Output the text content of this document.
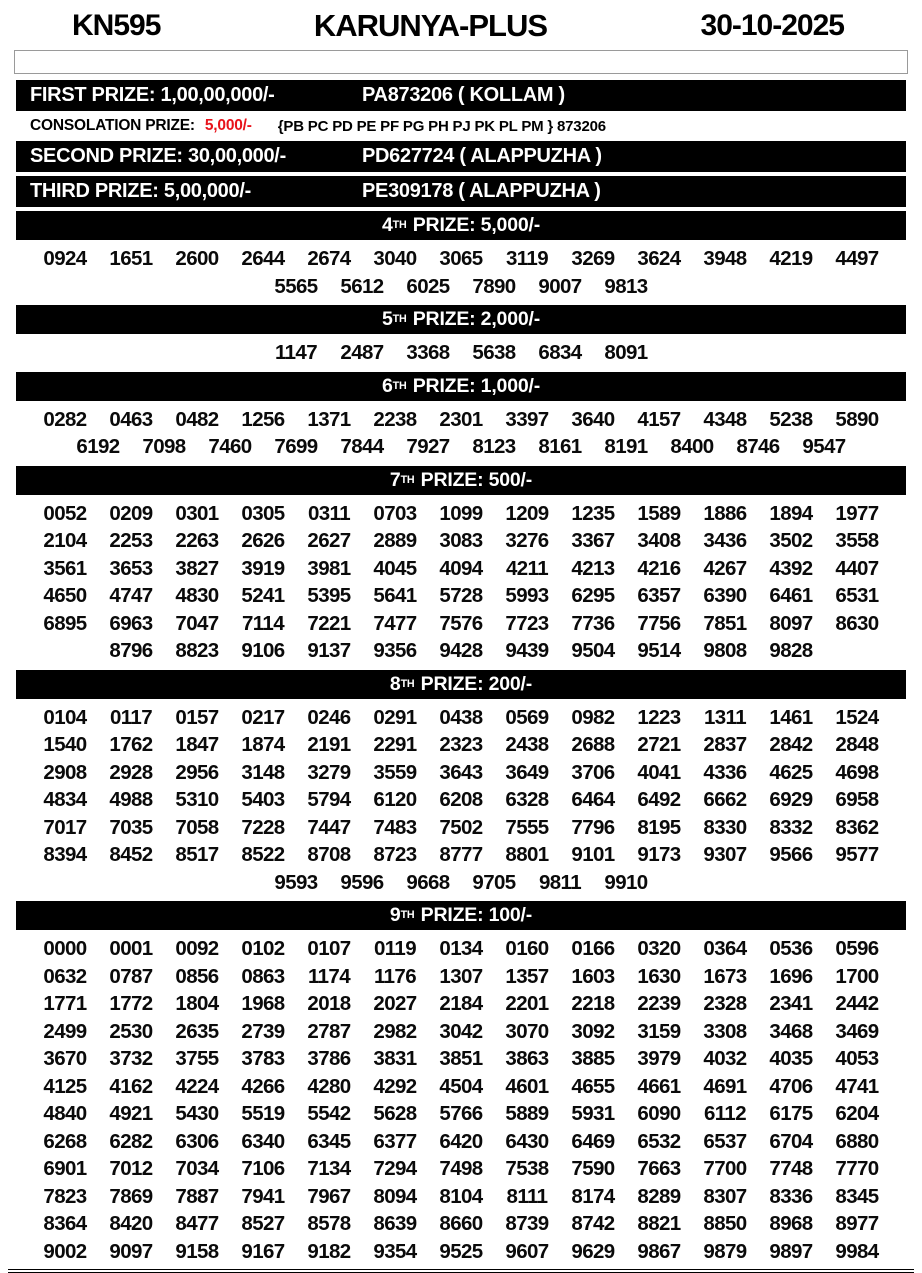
KN595	KARUNYA-PLUS	30-10-2025
FIRST PRIZE: 1,00,00,000/-	PA873206 ( KOLLAM )
CONSOLATION PRIZE: 5,000/- {PB PC PD PE PF PG PH PJ PK PL PM } 873206
SECOND PRIZE: 30,00,000/-	PD627724 ( ALAPPUZHA )
THIRD PRIZE: 5,00,000/-	PE309178 ( ALAPPUZHA )
4 TH PRIZE: 5,000/-
0924	1651	2600	2644	2674	3040	3065	3119	3269	3624	3948	4219	4497
5565	5612	6025	7890	9007	9813
5 TH PRIZE: 2,000/-
1147	2487	3368	5638	6834	8091
6 TH PRIZE: 1,000/-
0282	0463	0482	1256	1371	2238	2301	3397	3640	4157	4348	5238	5890
6192	7098	7460	7699	7844	7927	8123	8161	8191	8400	8746	9547
7 TH PRIZE: 500/-
0052	0209	0301	0305	0311	0703	1099	1209	1235	1589	1886	1894	1977
2104	2253	2263	2626	2627	2889	3083	3276	3367	3408	3436	3502	3558
3561	3653	3827	3919	3981	4045	4094	4211	4213	4216	4267	4392	4407
4650	4747	4830	5241	5395	5641	5728	5993	6295	6357	6390	6461	6531
6895	6963	7047	7114	7221	7477	7576	7723	7736	7756	7851	8097	8630
8796	8823	9106	9137	9356	9428	9439	9504	9514	9808	9828
8 TH PRIZE: 200/-
0104	0117	0157	0217	0246	0291	0438	0569	0982	1223	1311	1461	1524
1540	1762	1847	1874	2191	2291	2323	2438	2688	2721	2837	2842	2848
2908	2928	2956	3148	3279	3559	3643	3649	3706	4041	4336	4625	4698
4834	4988	5310	5403	5794	6120	6208	6328	6464	6492	6662	6929	6958
7017	7035	7058	7228	7447	7483	7502	7555	7796	8195	8330	8332	8362
8394	8452	8517	8522	8708	8723	8777	8801	9101	9173	9307	9566	9577
9593	9596	9668	9705	9811	9910
9 TH PRIZE: 100/-
0000	0001	0092	0102	0107	0119	0134	0160	0166	0320	0364	0536	0596
0632	0787	0856	0863	1174	1176	1307	1357	1603	1630	1673	1696	1700
1771	1772	1804	1968	2018	2027	2184	2201	2218	2239	2328	2341	2442
2499	2530	2635	2739	2787	2982	3042	3070	3092	3159	3308	3468	3469
3670	3732	3755	3783	3786	3831	3851	3863	3885	3979	4032	4035	4053
4125	4162	4224	4266	4280	4292	4504	4601	4655	4661	4691	4706	4741
4840	4921	5430	5519	5542	5628	5766	5889	5931	6090	6112	6175	6204
6268	6282	6306	6340	6345	6377	6420	6430	6469	6532	6537	6704	6880
6901	7012	7034	7106	7134	7294	7498	7538	7590	7663	7700	7748	7770
7823	7869	7887	7941	7967	8094	8104	8111	8174	8289	8307	8336	8345
8364	8420	8477	8527	8578	8639	8660	8739	8742	8821	8850	8968	8977
9002	9097	9158	9167	9182	9354	9525	9607	9629	9867	9879	9897	9984
